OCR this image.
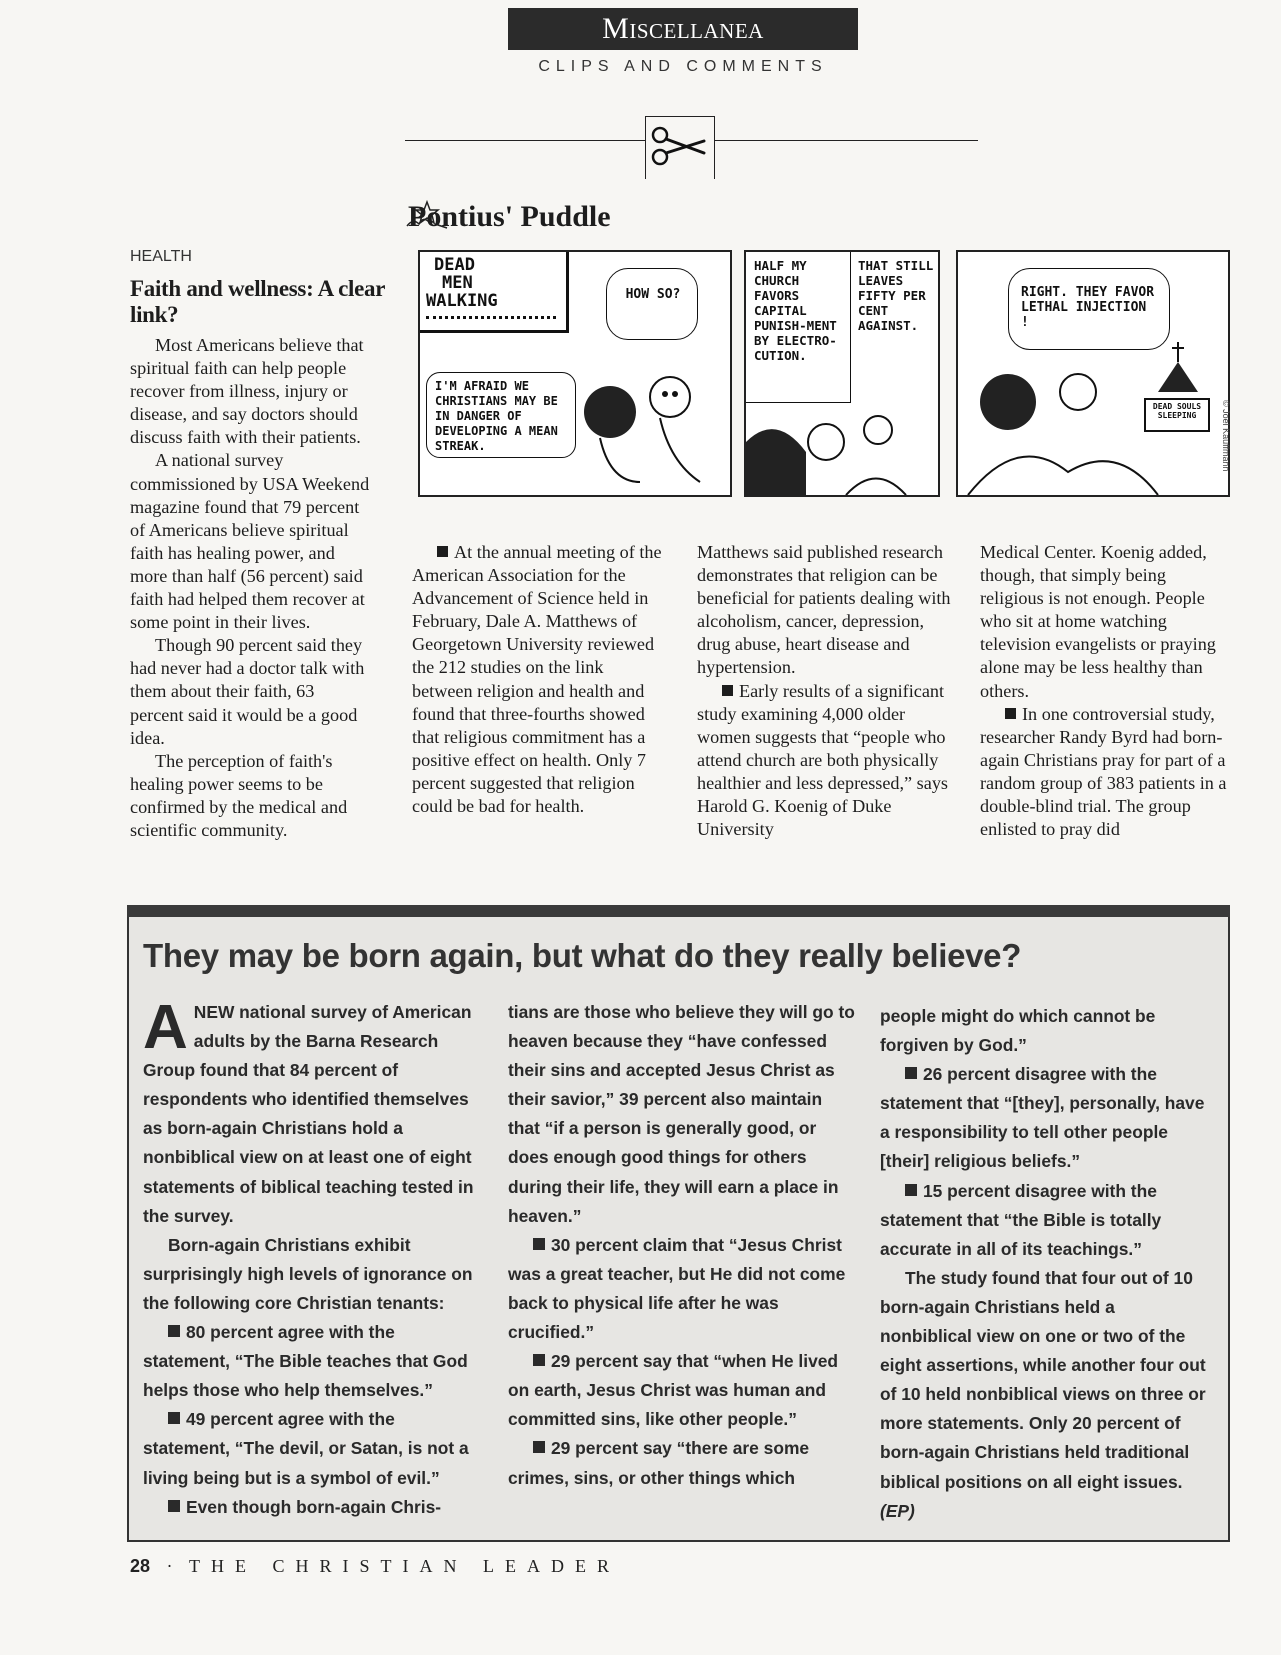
Miscellanea
CLIPS AND COMMENTS
Pontius' Puddle
DEAD
MEN
WALKING	HOW SO?
I'M AFRAID WE CHRISTIANS MAY BE IN DANGER OF DEVELOPING A MEAN STREAK.
HALF MY CHURCH FAVORS CAPITAL PUNISH-MENT BY ELECTRO-CUTION.
THAT STILL LEAVES FIFTY PER CENT AGAINST.
RIGHT. THEY FAVOR LETHAL INJECTION !
DEAD SOULS SLEEPING	© Joel Kauffmann
HEALTH
Faith and wellness: A clear link?

Most Americans believe that spiritual faith can help people recover from illness, injury or disease, and say doctors should discuss faith with their patients.

A national survey commissioned by USA Weekend magazine found that 79 percent of Americans believe spiritual faith has healing power, and more than half (56 percent) said faith had helped them recover at some point in their lives.

Though 90 percent said they had never had a doctor talk with them about their faith, 63 percent said it would be a good idea.

The perception of faith's healing power seems to be confirmed by the medical and scientific community.

At the annual meeting of the American Association for the Advancement of Science held in February, Dale A. Matthews of Georgetown University reviewed the 212 studies on the link between religion and health and found that three-fourths showed that religious commitment has a positive effect on health. Only 7 percent suggested that religion could be bad for health.

Matthews said published research demonstrates that religion can be beneficial for patients dealing with alcoholism, cancer, depression, drug abuse, heart disease and hypertension.

Early results of a significant study examining 4,000 older women suggests that “people who attend church are both physically healthier and less depressed,” says Harold G. Koenig of Duke University

Medical Center. Koenig added, though, that simply being religious is not enough. People who sit at home watching television evangelists or praying alone may be less healthy than others.

In one controversial study, researcher Randy Byrd had born-again Christians pray for part of a random group of 383 patients in a double-blind trial. The group enlisted to pray did

They may be born again, but what do they really believe?

ANEW national survey of American adults by the Barna Research Group found that 84 percent of respondents who identified themselves as born-again Christians hold a nonbiblical view on at least one of eight statements of biblical teaching tested in the survey.

Born-again Christians exhibit surprisingly high levels of ignorance on the following core Christian tenants:

80 percent agree with the statement, “The Bible teaches that God helps those who help themselves.”

49 percent agree with the statement, “The devil, or Satan, is not a living being but is a symbol of evil.”

Even though born-again Chris-

tians are those who believe they will go to heaven because they “have confessed their sins and accepted Jesus Christ as their savior,” 39 percent also maintain that “if a person is generally good, or does enough good things for others during their life, they will earn a place in heaven.”

30 percent claim that “Jesus Christ was a great teacher, but He did not come back to physical life after he was crucified.”

29 percent say that “when He lived on earth, Jesus Christ was human and committed sins, like other people.”

29 percent say “there are some crimes, sins, or other things which

people might do which cannot be forgiven by God.”

26 percent disagree with the statement that “[they], personally, have a responsibility to tell other people [their] religious beliefs.”

15 percent disagree with the statement that “the Bible is totally accurate in all of its teachings.”

The study found that four out of 10 born-again Christians held a nonbiblical view on one or two of the eight assertions, while another four out of 10 held nonbiblical views on three or more statements. Only 20 percent of born-again Christians held traditional biblical positions on all eight issues. (EP)

28 · THE CHRISTIAN LEADER
